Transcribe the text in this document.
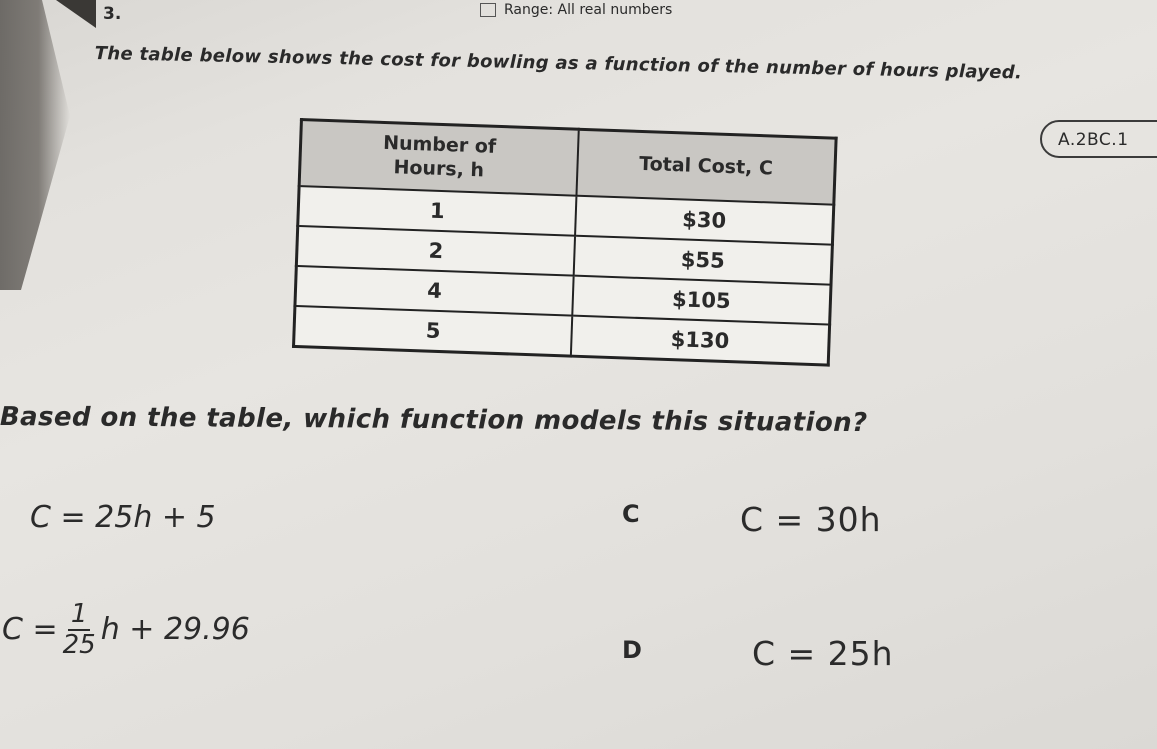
3.	Range: All real numbers
The table below shows the cost for bowling as a function of the number of hours played.
A.2BC.1
Number of
Hours, h	Total Cost, C
1	$30
2	$55
4	$105
5	$130
Based on the table, which function models this situation?
C = 25h + 5
$C = \frac{1}{25}$ h + 29.96
C	C = 30h
D	C = 25h
